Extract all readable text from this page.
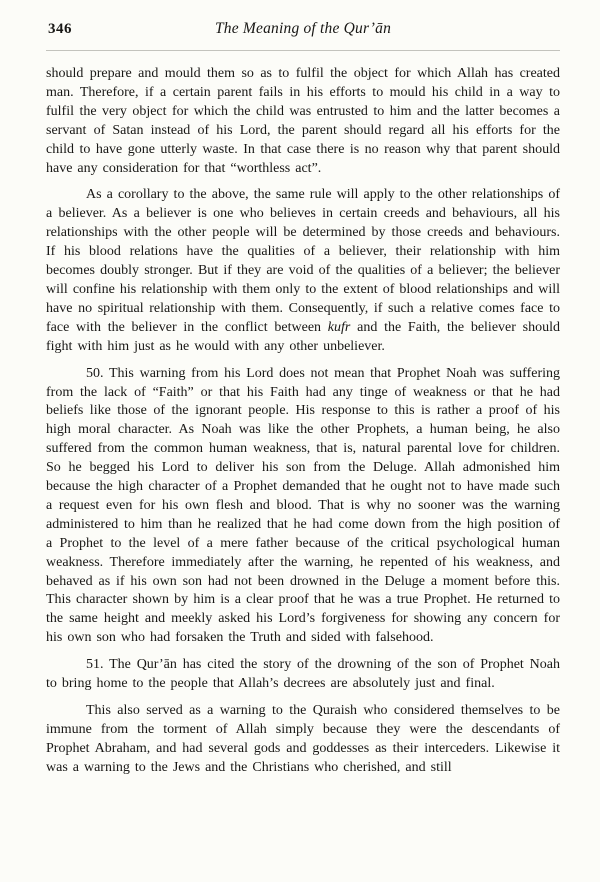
346	The Meaning of the Qur’ān

should prepare and mould them so as to fulfil the object for which Allah has created man. Therefore, if a certain parent fails in his efforts to mould his child in a way to fulfil the very object for which the child was entrusted to him and the latter becomes a servant of Satan instead of his Lord, the parent should regard all his efforts for the child to have gone utterly waste. In that case there is no reason why that parent should have any consideration for that “worthless act”.

As a corollary to the above, the same rule will apply to the other relationships of a believer. As a believer is one who believes in certain creeds and behaviours, all his relationships with the other people will be determined by those creeds and behaviours. If his blood relations have the qualities of a believer, their relationship with him becomes doubly stronger. But if they are void of the qualities of a believer; the believer will confine his relationship with them only to the extent of blood relationships and will have no spiritual relationship with them. Consequently, if such a relative comes face to face with the believer in the conflict between kufr and the Faith, the believer should fight with him just as he would with any other unbeliever.

50. This warning from his Lord does not mean that Prophet Noah was suffering from the lack of “Faith” or that his Faith had any tinge of weakness or that he had beliefs like those of the ignorant people. His response to this is rather a proof of his high moral character. As Noah was like the other Prophets, a human being, he also suffered from the common human weakness, that is, natural parental love for children. So he begged his Lord to deliver his son from the Deluge. Allah admonished him because the high character of a Prophet demanded that he ought not to have made such a request even for his own flesh and blood. That is why no sooner was the warning administered to him than he realized that he had come down from the high position of a Prophet to the level of a mere father because of the critical psychological human weakness. Therefore immediately after the warning, he repented of his weakness, and behaved as if his own son had not been drowned in the Deluge a moment before this. This character shown by him is a clear proof that he was a true Prophet. He returned to the same height and meekly asked his Lord’s forgiveness for showing any concern for his own son who had forsaken the Truth and sided with falsehood.

51. The Qur’ān has cited the story of the drowning of the son of Prophet Noah to bring home to the people that Allah’s decrees are absolutely just and final.

This also served as a warning to the Quraish who considered themselves to be immune from the torment of Allah simply because they were the descendants of Prophet Abraham, and had several gods and goddesses as their interceders. Likewise it was a warning to the Jews and the Christians who cherished, and still
